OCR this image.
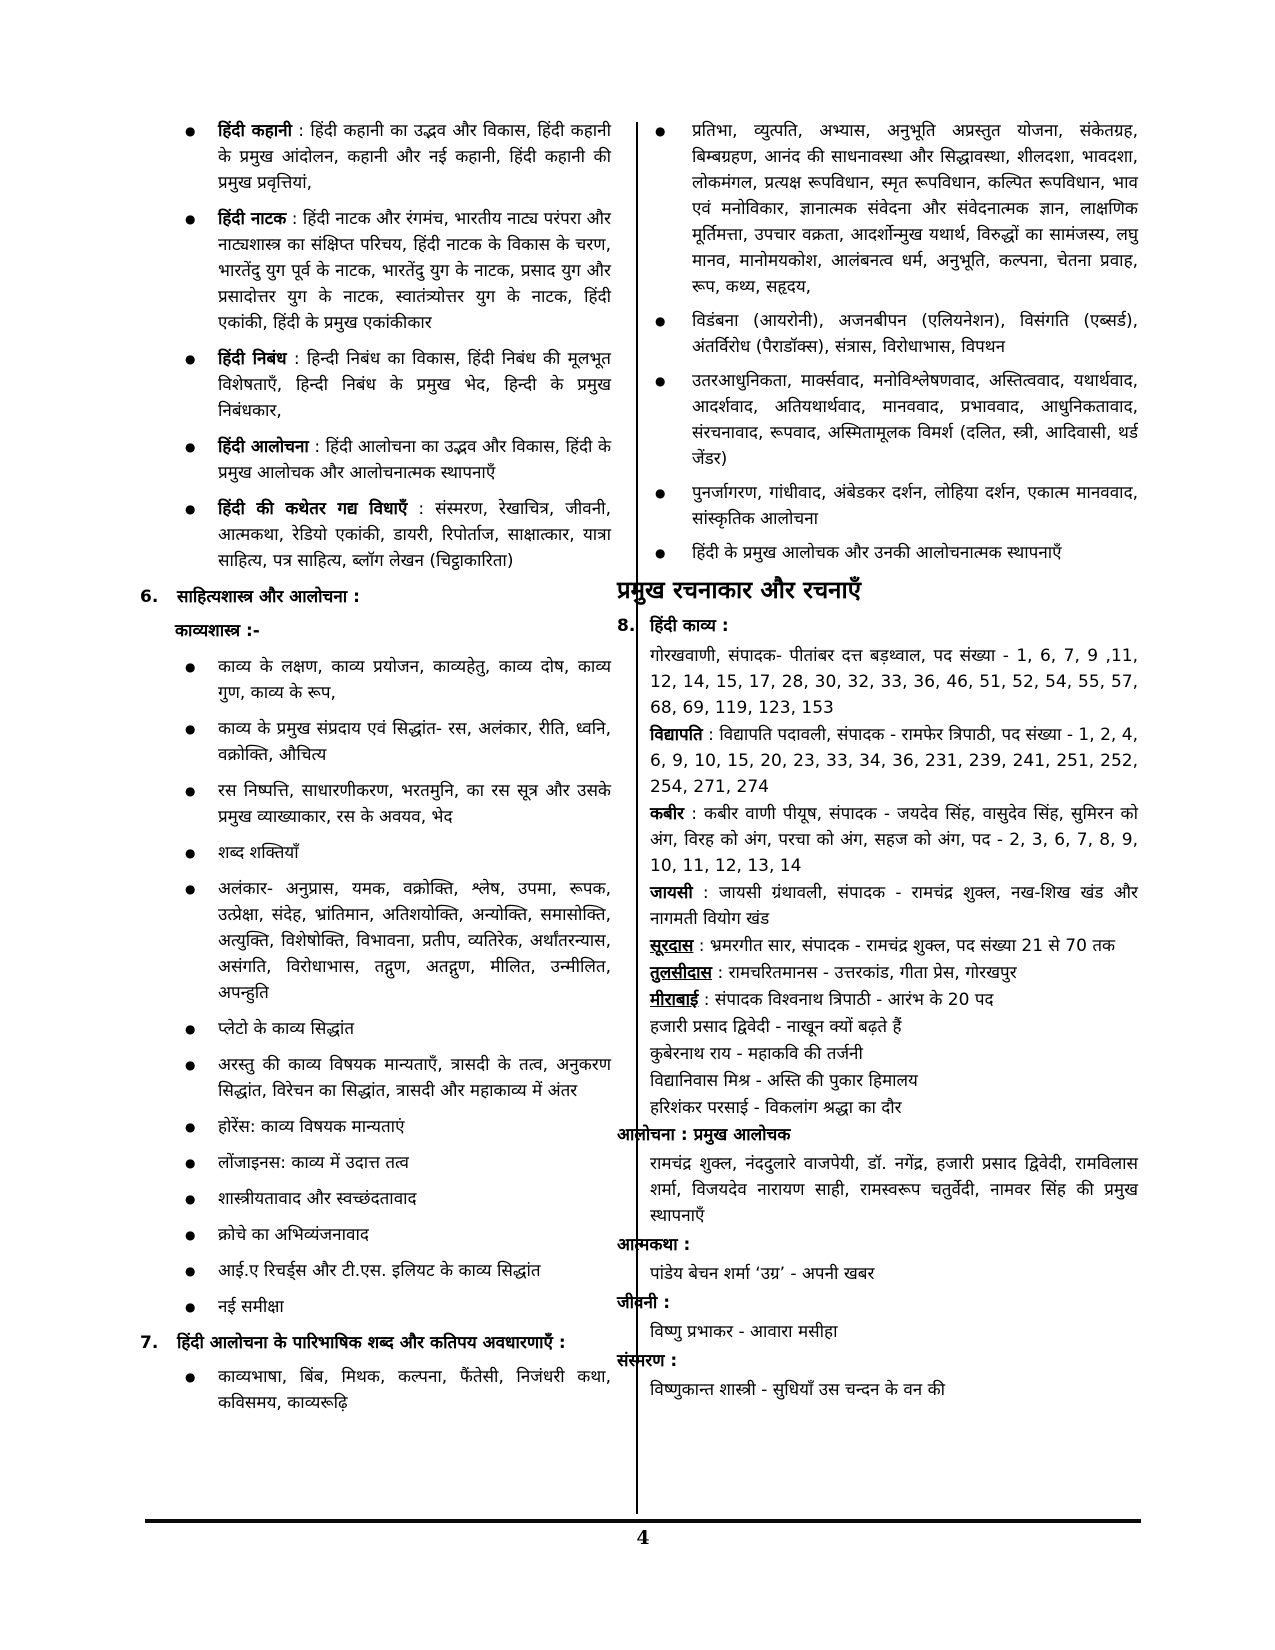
● हिंदी कहानी : हिंदी कहानी का उद्भव और विकास, हिंदी कहानी के प्रमुख आंदोलन, कहानी और नई कहानी, हिंदी कहानी की प्रमुख प्रवृत्तियां,
● हिंदी नाटक : हिंदी नाटक और रंगमंच, भारतीय नाट्य परंपरा और नाट्यशास्त्र का संक्षिप्त परिचय, हिंदी नाटक के विकास के चरण, भारतेंदु युग पूर्व के नाटक, भारतेंदु युग के नाटक, प्रसाद युग और प्रसादोत्तर युग के नाटक, स्वातंत्र्योत्तर युग के नाटक, हिंदी एकांकी, हिंदी के प्रमुख एकांकीकार
● हिंदी निबंध : हिन्दी निबंध का विकास, हिंदी निबंध की मूलभूत विशेषताएँ, हिन्दी निबंध के प्रमुख भेद, हिन्दी के प्रमुख निबंधकार,
● हिंदी आलोचना : हिंदी आलोचना का उद्भव और विकास, हिंदी के प्रमुख आलोचक और आलोचनात्मक स्थापनाएँ
● हिंदी की कथेतर गद्य विधाएँ : संस्मरण, रेखाचित्र, जीवनी, आत्मकथा, रेडियो एकांकी, डायरी, रिपोर्ताज, साक्षात्कार, यात्रा साहित्य, पत्र साहित्य, ब्लॉग लेखन (चिट्ठाकारिता)
6. साहित्यशास्त्र और आलोचना :
काव्यशास्त्र :-
● काव्य के लक्षण, काव्य प्रयोजन, काव्यहेतु, काव्य दोष, काव्य गुण, काव्य के रूप,
● काव्य के प्रमुख संप्रदाय एवं सिद्धांत- रस, अलंकार, रीति, ध्वनि, वक्रोक्ति, औचित्य
● रस निष्पत्ति, साधारणीकरण, भरतमुनि, का रस सूत्र और उसके प्रमुख व्याख्याकार, रस के अवयव, भेद
● शब्द शक्तियाँ
● अलंकार- अनुप्रास, यमक, वक्रोक्ति, श्लेष, उपमा, रूपक, उत्प्रेक्षा, संदेह, भ्रांतिमान, अतिशयोक्ति, अन्योक्ति, समासोक्ति, अत्युक्ति, विशेषोक्ति, विभावना, प्रतीप, व्यतिरेक, अर्थांतरन्यास, असंगति, विरोधाभास, तद्गुण, अतद्गुण, मीलित, उन्मीलित, अपन्हुति
● प्लेटो के काव्य सिद्धांत
● अरस्तु की काव्य विषयक मान्यताएँ, त्रासदी के तत्व, अनुकरण सिद्धांत, विरेचन का सिद्धांत, त्रासदी और महाकाव्य में अंतर
● होरेंस: काव्य विषयक मान्यताएं
● लोंजाइनस: काव्य में उदात्त तत्व
● शास्त्रीयतावाद और स्वच्छंदतावाद
● क्रोचे का अभिव्यंजनावाद
● आई.ए रिचर्ड्स और टी.एस. इलियट के काव्य सिद्धांत
● नई समीक्षा
7. हिंदी आलोचना के पारिभाषिक शब्द और कतिपय अवधारणाएँ :
● काव्यभाषा, बिंब, मिथक, कल्पना, फैंतेसी, निजंधरी कथा, कविसमय, काव्यरूढ़ि
● प्रतिभा, व्युत्पति, अभ्यास, अनुभूति अप्रस्तुत योजना, संकेतग्रह, बिम्बग्रहण, आनंद की साधनावस्था और सिद्धावस्था, शीलदशा, भावदशा, लोकमंगल, प्रत्यक्ष रूपविधान, स्मृत रूपविधान, कल्पित रूपविधान, भाव एवं मनोविकार, ज्ञानात्मक संवेदना और संवेदनात्मक ज्ञान, लाक्षणिक मूर्तिमत्ता, उपचार वक्रता, आदर्शोन्मुख यथार्थ, विरुद्धों का सामंजस्य, लघु मानव, मानोमयकोश, आलंबनत्व धर्म, अनुभूति, कल्पना, चेतना प्रवाह, रूप, कथ्य, सहृदय,
● विडंबना (आयरोनी), अजनबीपन (एलियनेशन), विसंगति (एब्सर्ड), अंतर्विरोध (पैराडॉक्स), संत्रास, विरोधाभास, विपथन
● उतरआधुनिकता, मार्क्सवाद, मनोविश्लेषणवाद, अस्तित्ववाद, यथार्थवाद, आदर्शवाद, अतियथार्थवाद, मानववाद, प्रभाववाद, आधुनिकतावाद, संरचनावाद, रूपवाद, अस्मितामूलक विमर्श (दलित, स्त्री, आदिवासी, थर्ड जेंडर)
● पुनर्जागरण, गांधीवाद, अंबेडकर दर्शन, लोहिया दर्शन, एकात्म मानववाद, सांस्कृतिक आलोचना
● हिंदी के प्रमुख आलोचक और उनकी आलोचनात्मक स्थापनाएँ
प्रमुख रचनाकार और रचनाएँ
8. हिंदी काव्य :
गोरखवाणी, संपादक- पीतांबर दत्त बड़थ्वाल, पद संख्या - 1, 6, 7, 9 ,11, 12, 14, 15, 17, 28, 30, 32, 33, 36, 46, 51, 52, 54, 55, 57, 68, 69, 119, 123, 153
विद्यापति : विद्यापति पदावली, संपादक - रामफेर त्रिपाठी, पद संख्या - 1, 2, 4, 6, 9, 10, 15, 20, 23, 33, 34, 36, 231, 239, 241, 251, 252, 254, 271, 274
कबीर : कबीर वाणी पीयूष, संपादक - जयदेव सिंह, वासुदेव सिंह, सुमिरन को अंग, विरह को अंग, परचा को अंग, सहज को अंग, पद - 2, 3, 6, 7, 8, 9, 10, 11, 12, 13, 14
जायसी : जायसी ग्रंथावली, संपादक - रामचंद्र शुक्ल, नख-शिख खंड और नागमती वियोग खंड
सूरदास : भ्रमरगीत सार, संपादक - रामचंद्र शुक्ल, पद संख्या 21 से 70 तक
तुलसीदास : रामचरितमानस - उत्तरकांड, गीता प्रेस, गोरखपुर
मीराबाई : संपादक विश्वनाथ त्रिपाठी - आरंभ के 20 पद
हजारी प्रसाद द्विवेदी - नाखून क्यों बढ़ते हैं
कुबेरनाथ राय - महाकवि की तर्जनी
विद्यानिवास मिश्र - अस्ति की पुकार हिमालय
हरिशंकर परसाई - विकलांग श्रद्धा का दौर
आलोचना : प्रमुख आलोचक
रामचंद्र शुक्ल, नंददुलारे वाजपेयी, डॉ. नगेंद्र, हजारी प्रसाद द्विवेदी, रामविलास शर्मा, विजयदेव नारायण साही, रामस्वरूप चतुर्वेदी, नामवर सिंह की प्रमुख स्थापनाएँ
आत्मकथा :
पांडेय बेचन शर्मा ‘उग्र’ - अपनी खबर
जीवनी :
विष्णु प्रभाकर - आवारा मसीहा
संस्मरण :
विष्णुकान्त शास्त्री - सुधियाँ उस चन्दन के वन की
4
